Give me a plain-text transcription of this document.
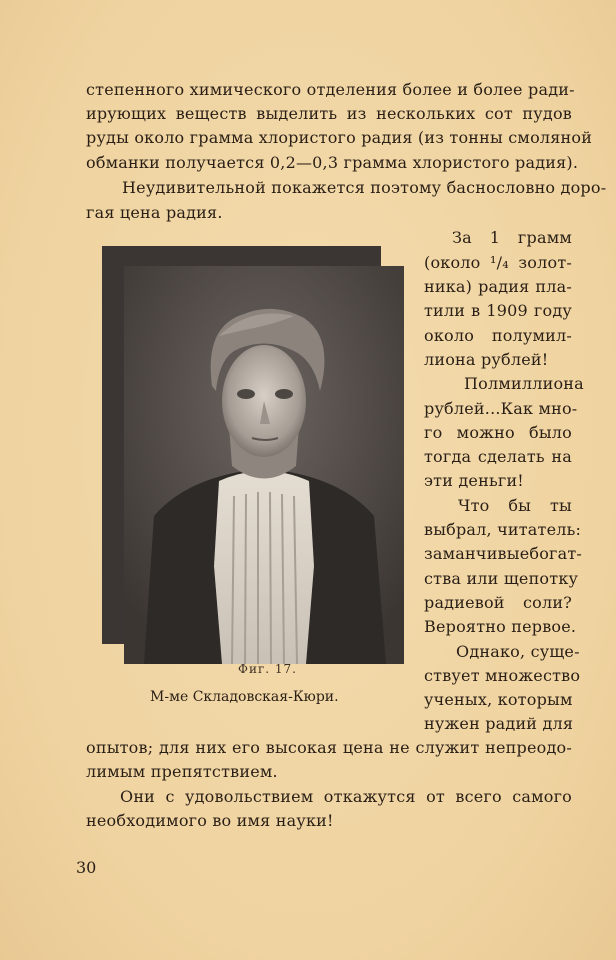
степенного химического отделения более и более ради-
ирующих веществ выделить из нескольких сот пудов
руды около грамма хлористого радия (из тонны смоляной
обманки получается 0,2—0,3 грамма хлористого радия).
Неудивительной покажется поэтому баснословно доро-
гая цена радия.
За 1 грамм
(около ¹/₄ золот-
ника) радия пла-
тили в 1909 году
около полумил-
лиона рублей!
Полмиллиона
рублей...Как мно-
го можно было
тогда сделать на
эти деньги!
Что бы ты
выбрал, читатель:
заманчивыебогат-
ства или щепотку
радиевой соли?
Вероятно первое.
Однако, суще-
ствует множество
ученых, которым
нужен радий для
Фиг. 17.
М-ме Складовская-Кюри.
опытов; для них его высокая цена не служит непреодо-
лимым препятствием.
Они с удовольствием откажутся от всего самого
необходимого во имя науки!
30
